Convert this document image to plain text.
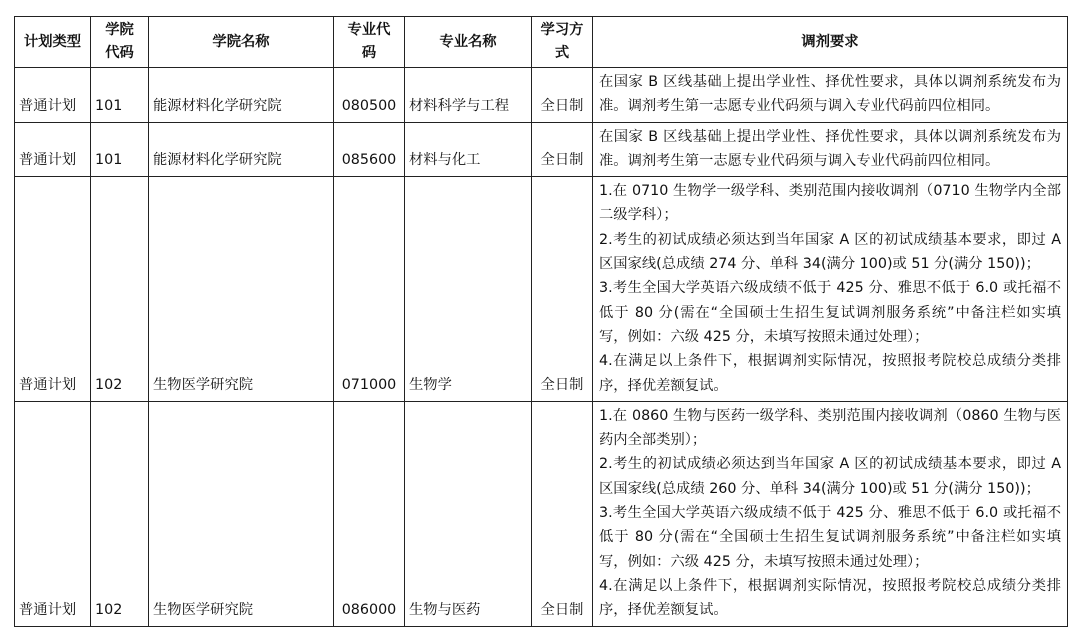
计划类型	学院代码	学院名称	专业代码	专业名称	学习方式	调剂要求
普通计划	101	能源材料化学研究院	080500	材料科学与工程	全日制	在国家 B 区线基础上提出学业性、择优性要求，具体以调剂系统发布为准。调剂考生第一志愿专业代码须与调入专业代码前四位相同。

普通计划	101	能源材料化学研究院	085600	材料与化工	全日制	在国家 B 区线基础上提出学业性、择优性要求，具体以调剂系统发布为准。调剂考生第一志愿专业代码须与调入专业代码前四位相同。

普通计划	102	生物医学研究院	071000	生物学	全日制	1.在 0710 生物学一级学科、类别范围内接收调剂（0710 生物学内全部二级学科）；
2.考生的初试成绩必须达到当年国家 A 区的初试成绩基本要求，即过 A 区国家线(总成绩 274 分、单科 34(满分 100)或 51 分(满分 150))；
3.考生全国大学英语六级成绩不低于 425 分、雅思不低于 6.0 或托福不低于 80 分(需在“全国硕士生招生复试调剂服务系统”中备注栏如实填写，例如：六级 425 分，未填写按照未通过处理）；
4.在满足以上条件下，根据调剂实际情况，按照报考院校总成绩分类排序，择优差额复试。

普通计划	102	生物医学研究院	086000	生物与医药	全日制	1.在 0860 生物与医药一级学科、类别范围内接收调剂（0860 生物与医药内全部类别）；
2.考生的初试成绩必须达到当年国家 A 区的初试成绩基本要求，即过 A 区国家线(总成绩 260 分、单科 34(满分 100)或 51 分(满分 150))；
3.考生全国大学英语六级成绩不低于 425 分、雅思不低于 6.0 或托福不低于 80 分(需在“全国硕士生招生复试调剂服务系统”中备注栏如实填写，例如：六级 425 分，未填写按照未通过处理）；
4.在满足以上条件下，根据调剂实际情况，按照报考院校总成绩分类排序，择优差额复试。
